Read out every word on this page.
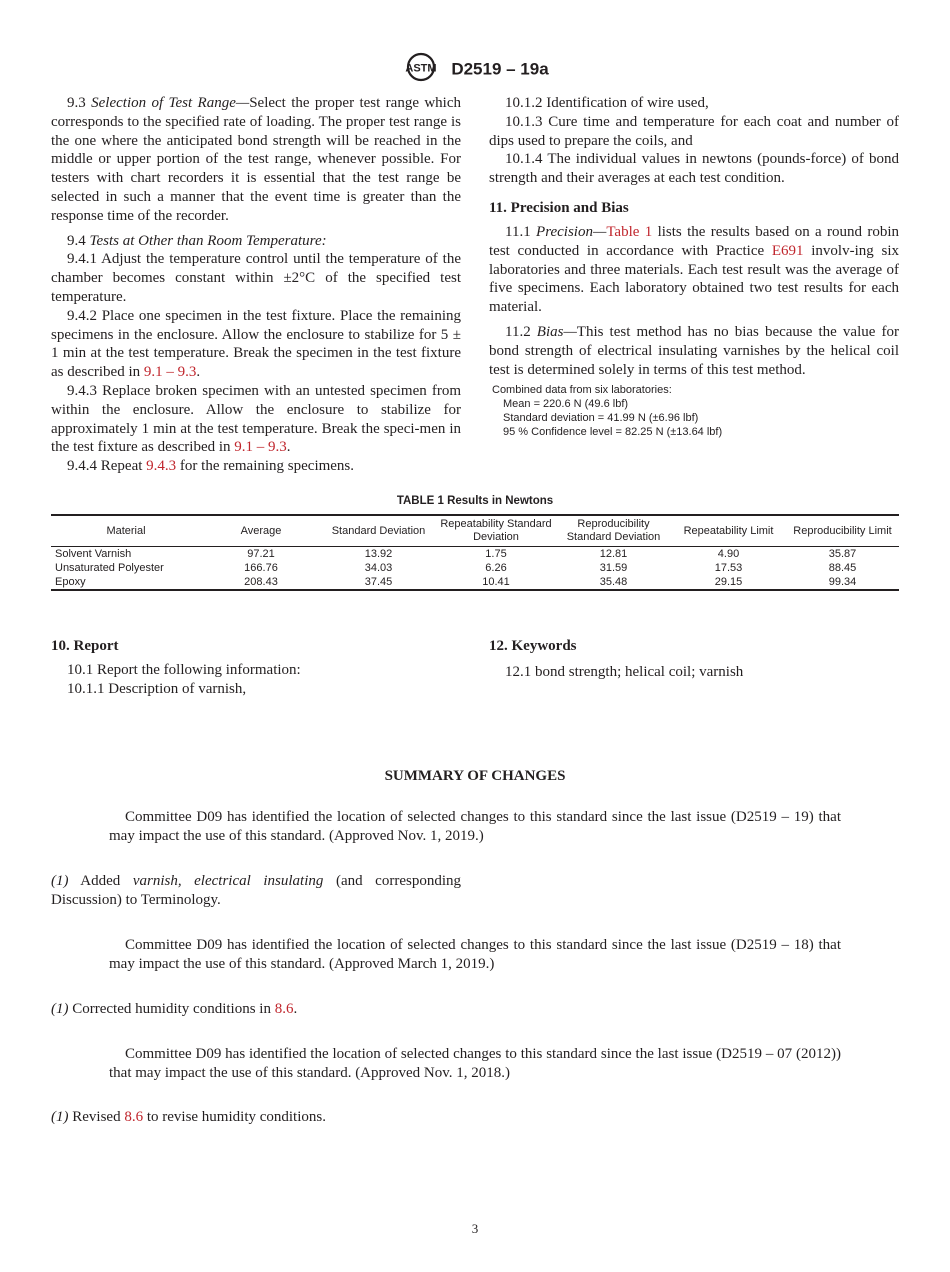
ASTM D2519 – 19a

9.3 Selection of Test Range—Select the proper test range which corresponds to the specified rate of loading. The proper test range is the one where the anticipated bond strength will be reached in the middle or upper portion of the test range, whenever possible. For testers with chart recorders it is essential that the test range be selected in such a manner that the event time is greater than the response time of the recorder.

9.4 Tests at Other than Room Temperature:

9.4.1 Adjust the temperature control until the temperature of the chamber becomes constant within ±2°C of the specified test temperature.

9.4.2 Place one specimen in the test fixture. Place the remaining specimens in the enclosure. Allow the enclosure to stabilize for 5 ± 1 min at the test temperature. Break the specimen in the test fixture as described in 9.1 – 9.3.

9.4.3 Replace broken specimen with an untested specimen from within the enclosure. Allow the enclosure to stabilize for approximately 1 min at the test temperature. Break the speci-men in the test fixture as described in 9.1 – 9.3.

9.4.4 Repeat 9.4.3 for the remaining specimens.

10.1.2 Identification of wire used,

10.1.3 Cure time and temperature for each coat and number of dips used to prepare the coils, and

10.1.4 The individual values in newtons (pounds-force) of bond strength and their averages at each test condition.

11. Precision and Bias

11.1 Precision—Table 1 lists the results based on a round robin test conducted in accordance with Practice E691 involv-ing six laboratories and three materials. Each test result was the average of five specimens. Each laboratory obtained two test results for each material.

11.2 Bias—This test method has no bias because the value for bond strength of electrical insulating varnishes by the helical coil test is determined solely in terms of this test method.

Combined data from six laboratories:
Mean = 220.6 N (49.6 lbf)
Standard deviation = 41.99 N (±6.96 lbf)
95 % Confidence level = 82.25 N (±13.64 lbf)
TABLE 1 Results in Newtons
Material	Average	Standard Deviation	Repeatability Standard Deviation	Reproducibility Standard Deviation	Repeatability Limit	Reproducibility Limit
Solvent Varnish	97.21	13.92	1.75	12.81	4.90	35.87
Unsaturated Polyester	166.76	34.03	6.26	31.59	17.53	88.45
Epoxy	208.43	37.45	10.41	35.48	29.15	99.34

10. Report

10.1 Report the following information:

10.1.1 Description of varnish,

12. Keywords

12.1 bond strength; helical coil; varnish

SUMMARY OF CHANGES

Committee D09 has identified the location of selected changes to this standard since the last issue (D2519 – 19) that may impact the use of this standard. (Approved Nov. 1, 2019.)

(1) Added varnish, electrical insulating (and corresponding Discussion) to Terminology.

Committee D09 has identified the location of selected changes to this standard since the last issue (D2519 – 18) that may impact the use of this standard. (Approved March 1, 2019.)

(1) Corrected humidity conditions in 8.6.

Committee D09 has identified the location of selected changes to this standard since the last issue (D2519 – 07 (2012)) that may impact the use of this standard. (Approved Nov. 1, 2018.)

(1) Revised 8.6 to revise humidity conditions.

3
